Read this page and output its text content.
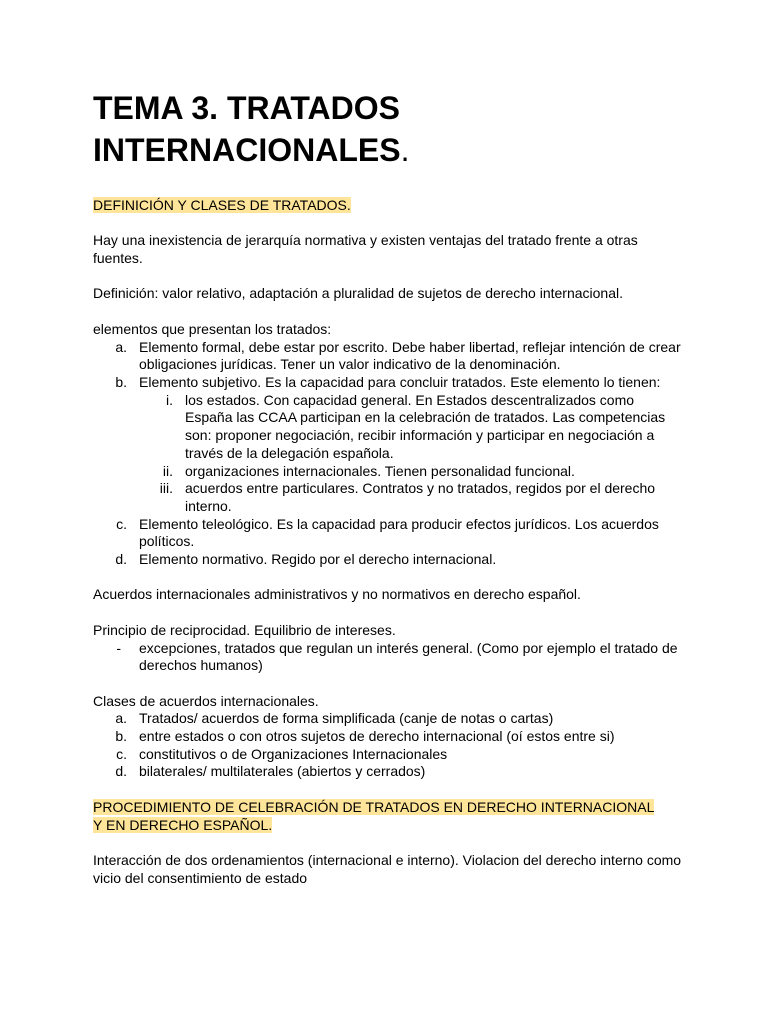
TEMA 3. TRATADOS INTERNACIONALES.

DEFINICIÓN Y CLASES DE TRATADOS.

Hay una inexistencia de jerarquía normativa y existen ventajas del tratado frente a otras fuentes.

Definición: valor relativo, adaptación a pluralidad de sujetos de derecho internacional.

elementos que presentan los tratados:

a. Elemento formal, debe estar por escrito. Debe haber libertad, reflejar intención de crear obligaciones jurídicas. Tener un valor indicativo de la denominación.
b. Elemento subjetivo. Es la capacidad para concluir tratados. Este elemento lo tienen:
i. los estados. Con capacidad general. En Estados descentralizados como España las CCAA participan en la celebración de tratados. Las competencias son: proponer negociación, recibir información y participar en negociación a través de la delegación española.
ii. organizaciones internacionales. Tienen personalidad funcional.
iii. acuerdos entre particulares. Contratos y no tratados, regidos por el derecho interno.
c. Elemento teleológico. Es la capacidad para producir efectos jurídicos. Los acuerdos políticos.
d. Elemento normativo. Regido por el derecho internacional.

Acuerdos internacionales administrativos y no normativos en derecho español.

Principio de reciprocidad. Equilibrio de intereses.

- excepciones, tratados que regulan un interés general. (Como por ejemplo el tratado de derechos humanos)

Clases de acuerdos internacionales.

a. Tratados/ acuerdos de forma simplificada (canje de notas o cartas)
b. entre estados o con otros sujetos de derecho internacional (oí estos entre si)
c. constitutivos o de Organizaciones Internacionales
d. bilaterales/ multilaterales (abiertos y cerrados)

PROCEDIMIENTO DE CELEBRACIÓN DE TRATADOS EN DERECHO INTERNACIONAL
Y EN DERECHO ESPAÑOL.

Interacción de dos ordenamientos (internacional e interno). Violacion del derecho interno como vicio del consentimiento de estado
